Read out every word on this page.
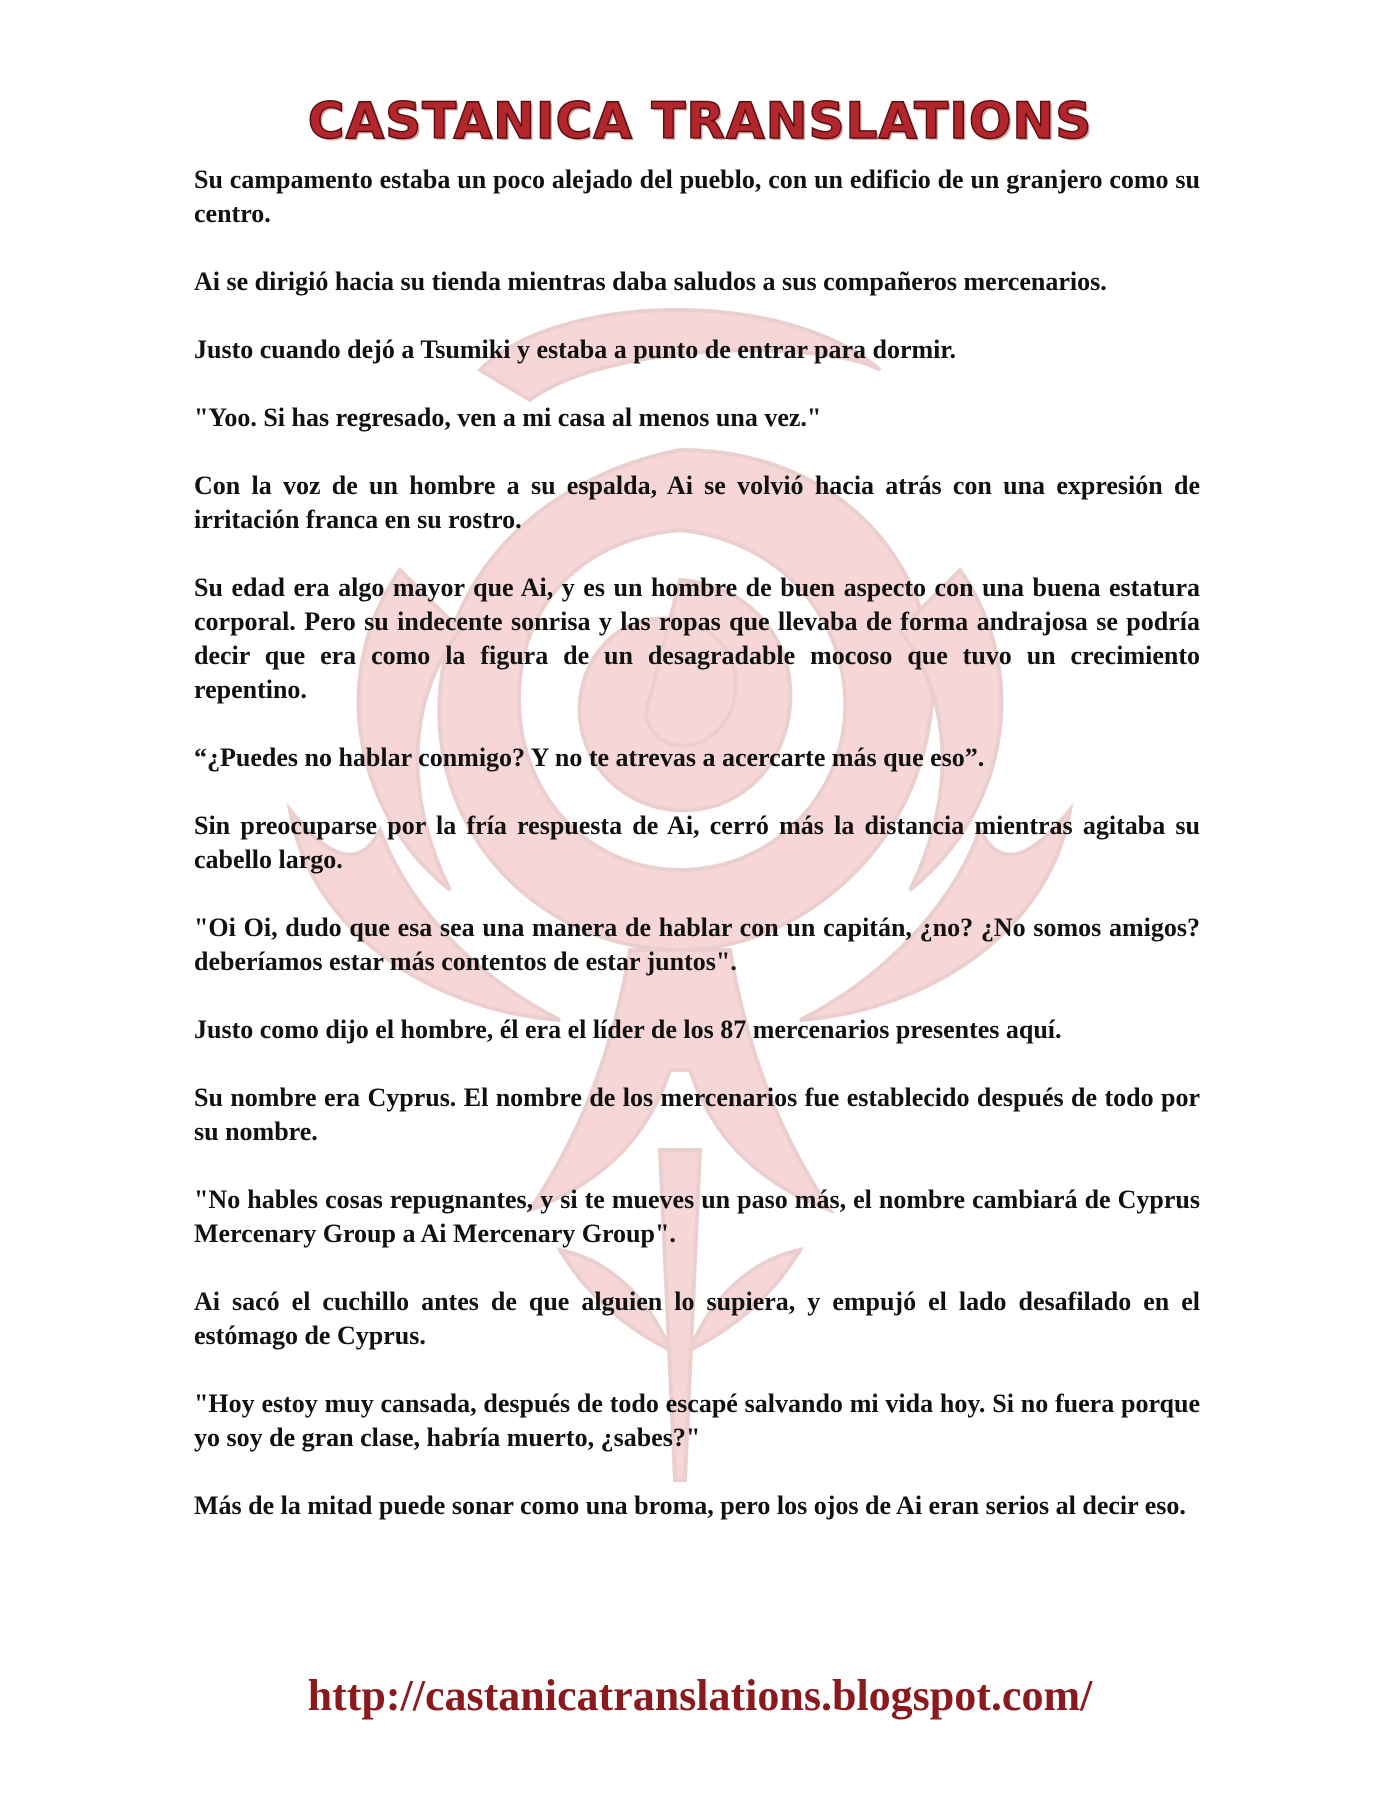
CASTANICA TRANSLATIONS

Su campamento estaba un poco alejado del pueblo, con un edificio de un granjero como su centro.

Ai se dirigió hacia su tienda mientras daba saludos a sus compañeros mercenarios.

Justo cuando dejó a Tsumiki y estaba a punto de entrar para dormir.

"Yoo. Si has regresado, ven a mi casa al menos una vez."

Con la voz de un hombre a su espalda, Ai se volvió hacia atrás con una expresión de irritación franca en su rostro.

Su edad era algo mayor que Ai, y es un hombre de buen aspecto con una buena estatura corporal. Pero su indecente sonrisa y las ropas que llevaba de forma andrajosa se podría decir que era como la figura de un desagradable mocoso que tuvo un crecimiento repentino.

“¿Puedes no hablar conmigo? Y no te atrevas a acercarte más que eso”.

Sin preocuparse por la fría respuesta de Ai, cerró más la distancia mientras agitaba su cabello largo.

"Oi Oi, dudo que esa sea una manera de hablar con un capitán, ¿no? ¿No somos amigos? deberíamos estar más contentos de estar juntos".

Justo como dijo el hombre, él era el líder de los 87 mercenarios presentes aquí.

Su nombre era Cyprus. El nombre de los mercenarios fue establecido después de todo por su nombre.

"No hables cosas repugnantes, y si te mueves un paso más, el nombre cambiará de Cyprus Mercenary Group a Ai Mercenary Group".

Ai sacó el cuchillo antes de que alguien lo supiera, y empujó el lado desafilado en el estómago de Cyprus.

"Hoy estoy muy cansada, después de todo escapé salvando mi vida hoy. Si no fuera porque yo soy de gran clase, habría muerto, ¿sabes?"

Más de la mitad puede sonar como una broma, pero los ojos de Ai eran serios al decir eso.

http://castanicatranslations.blogspot.com/
